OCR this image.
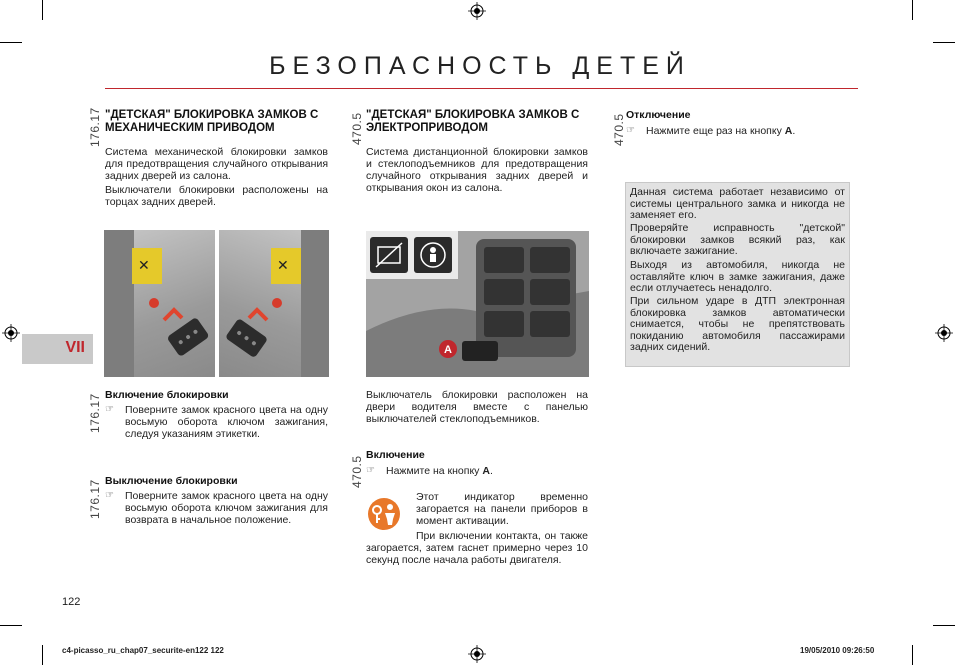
БЕЗОПАСНОСТЬ ДЕТЕЙ
VII
176.17 "ДЕТСКАЯ" БЛОКИРОВКА ЗАМКОВ С МЕХАНИЧЕСКИМ ПРИВОДОМ
Система механической блокировки замков для предотвращения случайного открывания задних дверей из салона.
Выключатели блокировки расположены на торцах задних дверей.
✕	✕
176.17 Включение блокировки
☞ Поверните замок красного цвета на одну восьмую оборота ключом зажигания, следуя указаниям этикетки.
176.17 Выключение блокировки
☞ Поверните замок красного цвета на одну восьмую оборота ключом зажигания для возврата в начальное положение.
122
470.5 "ДЕТСКАЯ" БЛОКИРОВКА ЗАМКОВ С ЭЛЕКТРОПРИВОДОМ
Система дистанционной блокировки замков и стеклоподъемников для предотвращения случайного открывания задних дверей и открывания окон из салона.
A
Выключатель блокировки расположен на двери водителя вместе с панелью выключателей стеклоподъемников.
470.5
Включение
☞ Нажмите на кнопку A.
Этот индикатор временно загорается на панели приборов в момент активации.
При включении контакта, он также загорается, затем гаснет примерно через 10 секунд после начала работы двигателя.
470.5 Отключение
☞ Нажмите еще раз на кнопку A.
Данная система работает независимо от системы центрального замка и никогда не заменяет его.
Проверяйте исправность "детской" блокировки замков всякий раз, как включаете зажигание.
Выходя из автомобиля, никогда не оставляйте ключ в замке зажигания, даже если отлучаетесь ненадолго.
При сильном ударе в ДТП электронная блокировка замков автоматически снимается, чтобы не препятствовать покиданию автомобиля пассажирами задних сидений.
c4-picasso_ru_chap07_securite-en122 122	19/05/2010 09:26:50
